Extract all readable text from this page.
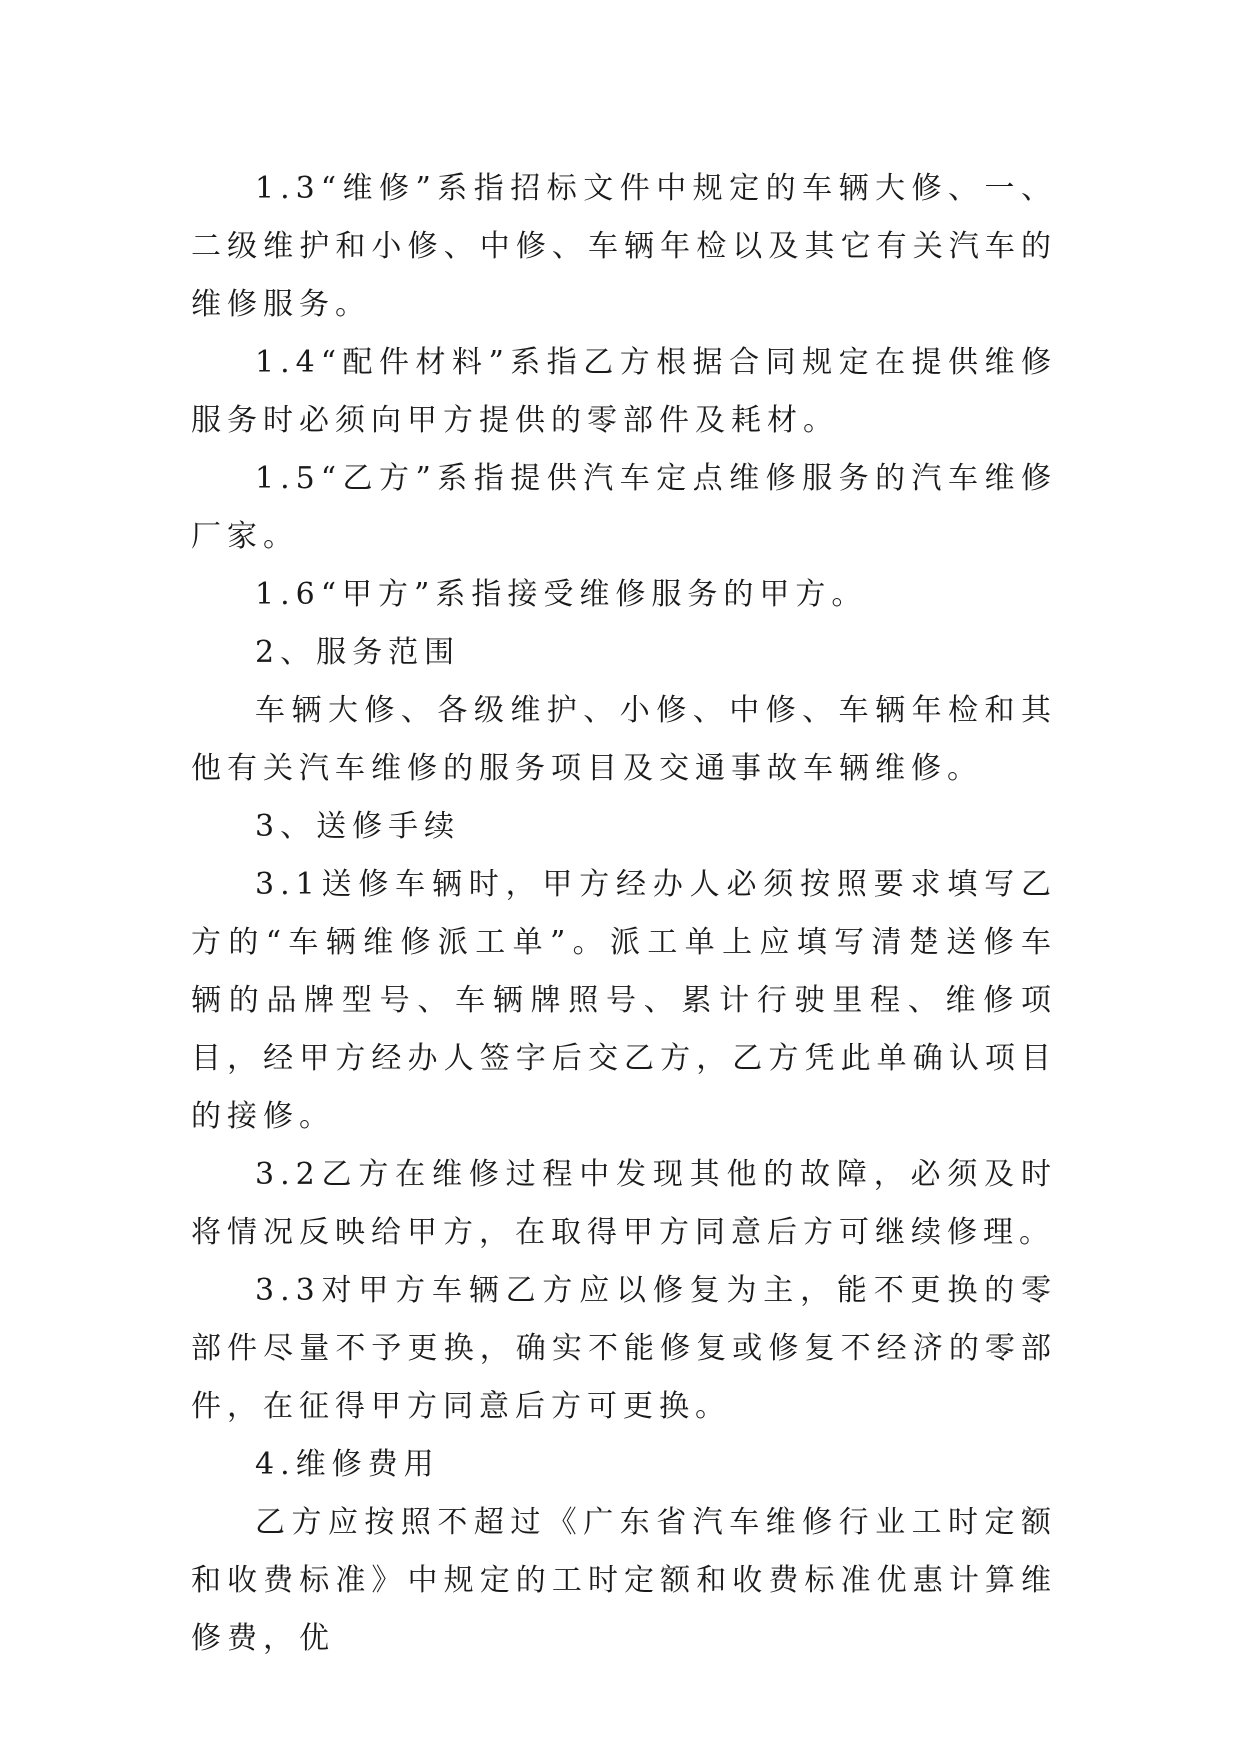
1.3“维修”系指招标文件中规定的车辆大修、一、二级维护和小修、中修、车辆年检以及其它有关汽车的维修服务。

1.4“配件材料”系指乙方根据合同规定在提供维修服务时必须向甲方提供的零部件及耗材。

1.5“乙方”系指提供汽车定点维修服务的汽车维修厂家。

1.6“甲方”系指接受维修服务的甲方。

2、服务范围

车辆大修、各级维护、小修、中修、车辆年检和其他有关汽车维修的服务项目及交通事故车辆维修。

3、送修手续

3.1送修车辆时，甲方经办人必须按照要求填写乙方的“车辆维修派工单”。派工单上应填写清楚送修车辆的品牌型号、车辆牌照号、累计行驶里程、维修项目，经甲方经办人签字后交乙方，乙方凭此单确认项目的接修。

3.2乙方在维修过程中发现其他的故障，必须及时将情况反映给甲方，在取得甲方同意后方可继续修理。

3.3对甲方车辆乙方应以修复为主，能不更换的零部件尽量不予更换，确实不能修复或修复不经济的零部件，在征得甲方同意后方可更换。

4.维修费用

乙方应按照不超过《广东省汽车维修行业工时定额和收费标准》中规定的工时定额和收费标准优惠计算维修费，优
